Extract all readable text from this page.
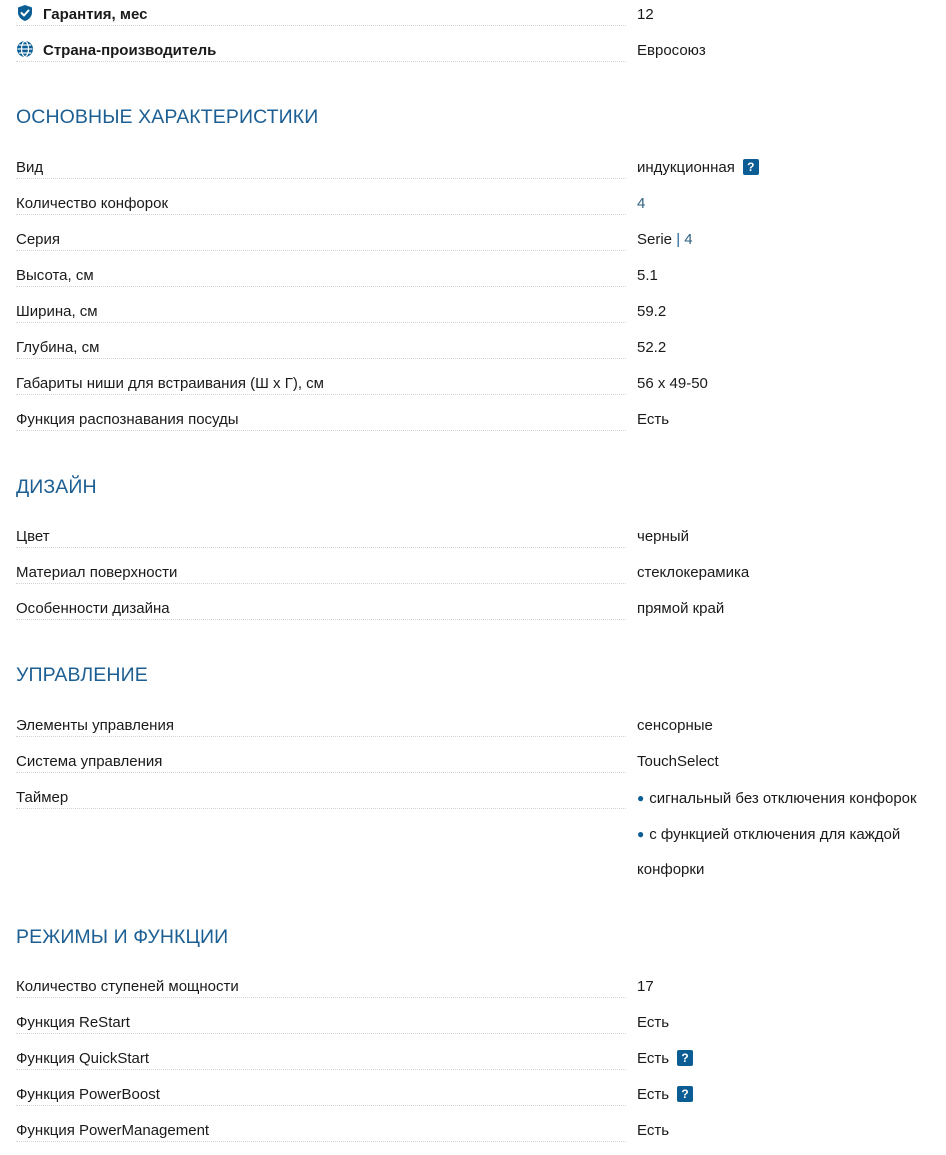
Гарантия, мес	12
Страна-производитель	Евросоюз
ОСНОВНЫЕ ХАРАКТЕРИСТИКИ
Вид	индукционная ?
Количество конфорок	4
Серия	Serie | 4
Высота, см	5.1
Ширина, см	59.2
Глубина, см	52.2
Габариты ниши для встраивания (Ш х Г), см	56 x 49-50
Функция распознавания посуды	Есть
ДИЗАЙН
Цвет	черный
Материал поверхности	стеклокерамика
Особенности дизайна	прямой край
УПРАВЛЕНИЕ
Элементы управления	сенсорные
Система управления	TouchSelect
Таймер	● сигнальный без отключения конфорок
● с функцией отключения для каждой
конфорки
РЕЖИМЫ И ФУНКЦИИ
Количество ступеней мощности	17
Функция ReStart	Есть
Функция QuickStart	Есть ?
Функция PowerBoost	Есть ?
Функция PowerManagement	Есть
